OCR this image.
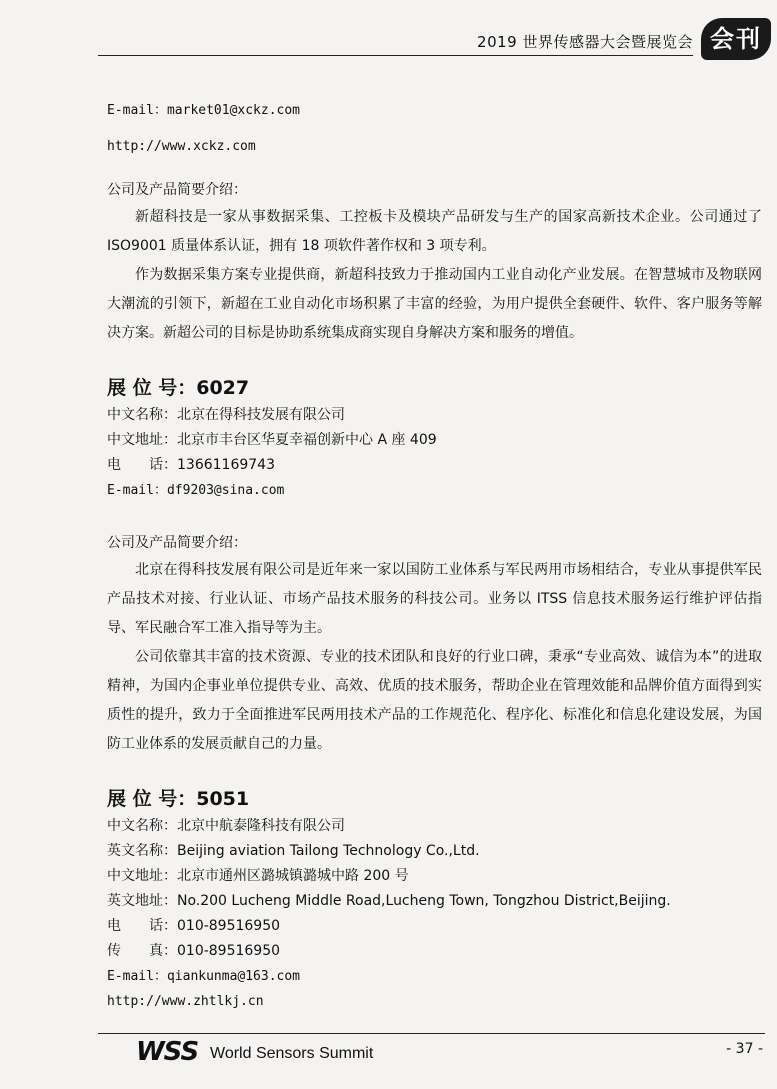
2019 世界传感器大会暨展览会 会刊
E-mail：market01@xckz.com
http://www.xckz.com
公司及产品简要介绍：

新超科技是一家从事数据采集、工控板卡及模块产品研发与生产的国家高新技术企业。公司通过了 ISO9001 质量体系认证，拥有 18 项软件著作权和 3 项专利。

作为数据采集方案专业提供商，新超科技致力于推动国内工业自动化产业发展。在智慧城市及物联网大潮流的引领下，新超在工业自动化市场积累了丰富的经验，为用户提供全套硬件、软件、客户服务等解决方案。新超公司的目标是协助系统集成商实现自身解决方案和服务的增值。

展 位 号：6027
中文名称：北京在得科技发展有限公司
中文地址：北京市丰台区华夏幸福创新中心 A 座 409
电　　话：13661169743
E-mail：df9203@sina.com
公司及产品简要介绍：

北京在得科技发展有限公司是近年来一家以国防工业体系与军民两用市场相结合，专业从事提供军民产品技术对接、行业认证、市场产品技术服务的科技公司。业务以 ITSS 信息技术服务运行维护评估指导、军民融合军工准入指导等为主。

公司依靠其丰富的技术资源、专业的技术团队和良好的行业口碑，秉承“专业高效、诚信为本”的进取精神，为国内企事业单位提供专业、高效、优质的技术服务，帮助企业在管理效能和品牌价值方面得到实质性的提升，致力于全面推进军民两用技术产品的工作规范化、程序化、标准化和信息化建设发展，为国防工业体系的发展贡献自己的力量。

展 位 号：5051
中文名称：北京中航泰隆科技有限公司
英文名称：Beijing aviation Tailong Technology Co.,Ltd.
中文地址：北京市通州区潞城镇潞城中路 200 号
英文地址：No.200 Lucheng Middle Road,Lucheng Town, Tongzhou District,Beijing.
电　　话：010-89516950
传　　真：010-89516950
E-mail：qiankunma@163.com
http://www.zhtlkj.cn
WSS World Sensors Summit	- 37 -
